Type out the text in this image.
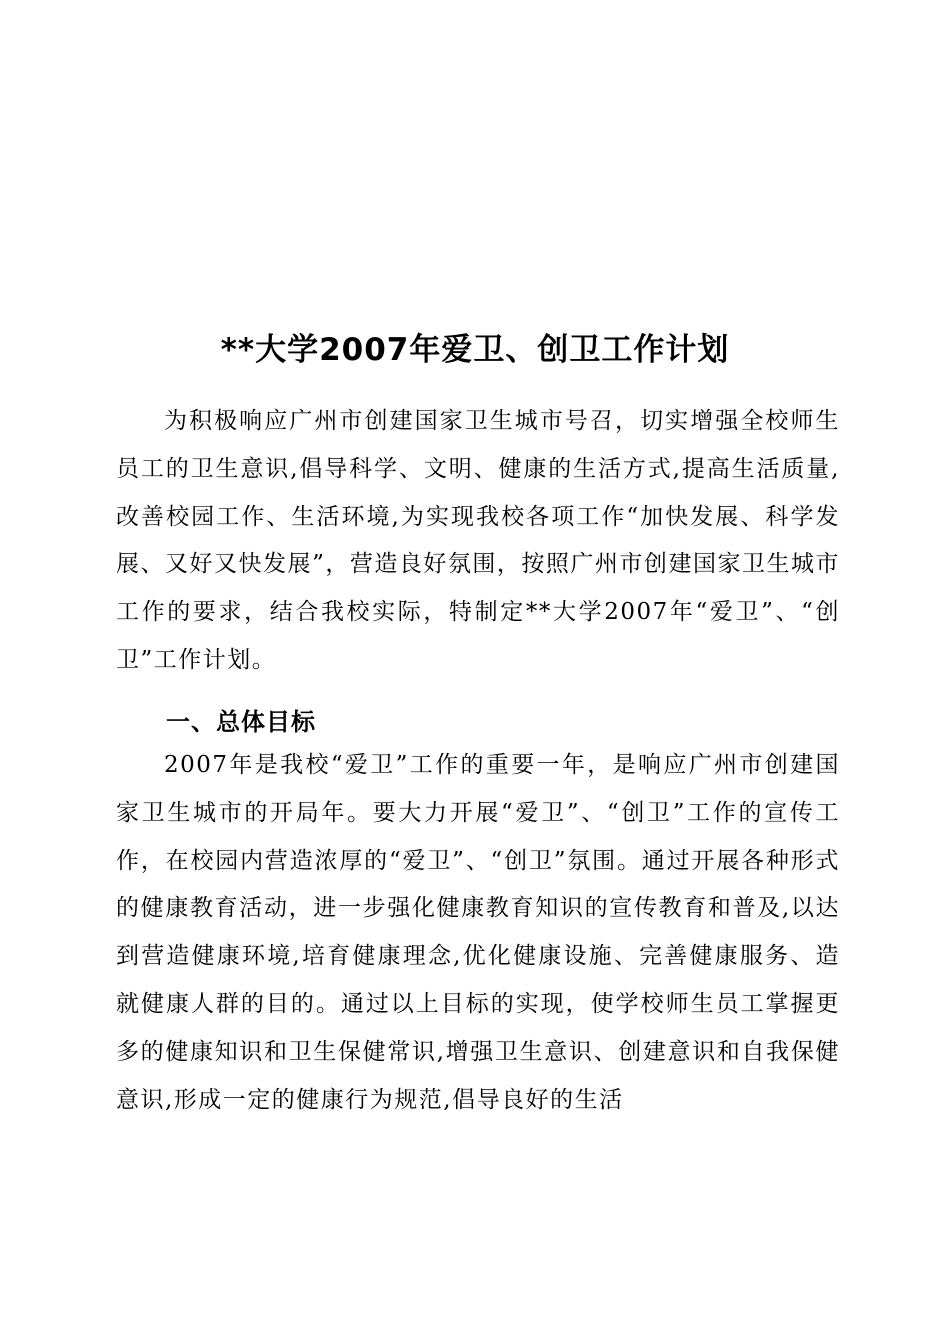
**大学2007年爱卫、创卫工作计划

为积极响应广州市创建国家卫生城市号召，切实增强全校师生员工的卫生意识,倡导科学、文明、健康的生活方式,提高生活质量,改善校园工作、生活环境,为实现我校各项工作“加快发展、科学发展、又好又快发展”，营造良好氛围，按照广州市创建国家卫生城市工作的要求，结合我校实际，特制定**大学2007年“爱卫”、“创卫”工作计划。

一、总体目标

2007年是我校“爱卫”工作的重要一年，是响应广州市创建国家卫生城市的开局年。要大力开展“爱卫”、“创卫”工作的宣传工作，在校园内营造浓厚的“爱卫”、“创卫”氛围。通过开展各种形式的健康教育活动，进一步强化健康教育知识的宣传教育和普及,以达到营造健康环境,培育健康理念,优化健康设施、完善健康服务、造就健康人群的目的。通过以上目标的实现，使学校师生员工掌握更多的健康知识和卫生保健常识,增强卫生意识、创建意识和自我保健意识,形成一定的健康行为规范,倡导良好的生活
